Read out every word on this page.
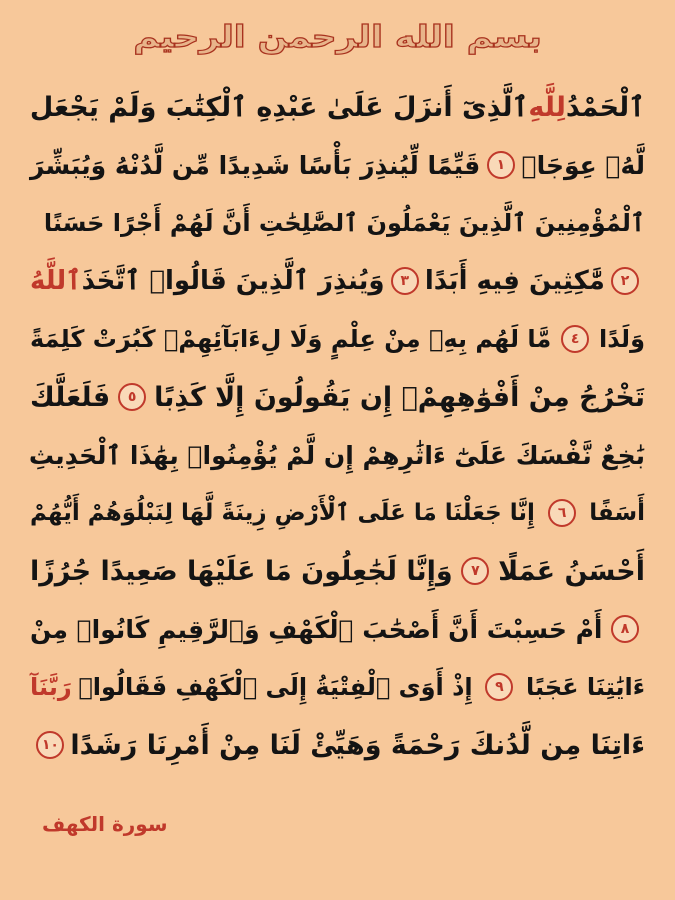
بسم الله الرحمن الرحيم
ٱلْحَمْدُ
لِلَّهِ
ٱلَّذِىٓ أَنزَلَ عَلَىٰ عَبْدِهِ ٱلْكِتَٰبَ وَلَمْ يَجْعَل
لَّهُۥ عِوَجَاۜ
١
قَيِّمًا لِّيُنذِرَ بَأْسًا شَدِيدًا مِّن لَّدُنْهُ وَيُبَشِّرَ
ٱلْمُؤْمِنِينَ ٱلَّذِينَ يَعْمَلُونَ ٱلصَّٰلِحَٰتِ أَنَّ لَهُمْ أَجْرًا حَسَنًا
٢
مَّٰكِثِينَ فِيهِ أَبَدًا
٣
وَيُنذِرَ ٱلَّذِينَ قَالُوا۟ ٱتَّخَذَ
ٱللَّهُ
وَلَدًا
٤
مَّا لَهُم بِهِۦ مِنْ عِلْمٍ وَلَا لِءَابَآئِهِمْۚ كَبُرَتْ كَلِمَةً
تَخْرُجُ مِنْ أَفْوَٰهِهِمْۚ إِن يَقُولُونَ إِلَّا كَذِبًا
٥
فَلَعَلَّكَ
بَٰخِعٌ نَّفْسَكَ عَلَىٰٓ ءَاثَٰرِهِمْ إِن لَّمْ يُؤْمِنُوا۟ بِهَٰذَا ٱلْحَدِيثِ
أَسَفًا
٦
إِنَّا جَعَلْنَا مَا عَلَى ٱلْأَرْضِ زِينَةً لَّهَا لِنَبْلُوَهُمْ أَيُّهُمْ
أَحْسَنُ عَمَلًا
٧
وَإِنَّا لَجَٰعِلُونَ مَا عَلَيْهَا صَعِيدًا جُرُزًا
٨
أَمْ حَسِبْتَ أَنَّ أَصْحَٰبَ ٱلْكَهْفِ وَٱلرَّقِيمِ كَانُوا۟ مِنْ
ءَايَٰتِنَا عَجَبًا
٩
إِذْ أَوَى ٱلْفِتْيَةُ إِلَى ٱلْكَهْفِ فَقَالُوا۟
رَبَّنَآ
ءَاتِنَا مِن لَّدُنكَ رَحْمَةً وَهَيِّئْ لَنَا مِنْ أَمْرِنَا رَشَدًا
١٠
سورة الكهف
